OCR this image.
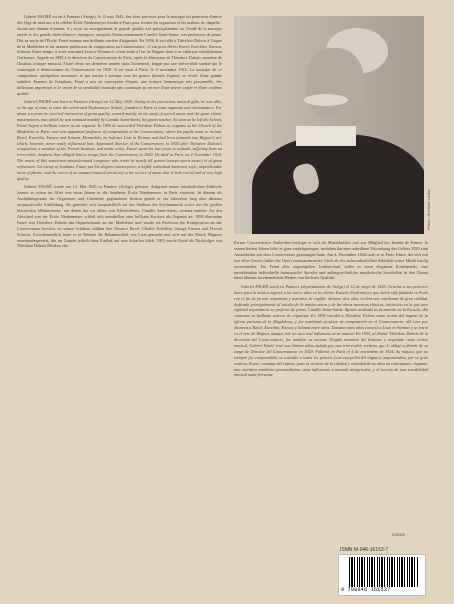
Gabriel FAURÉ est né à Pamiers (Ariège), le 12 mai 1845. Ses dons précoces pour la musique lui permirent d'entrer dès l'âge de neuf ans à la célèbre École Niedermeyer fondée à Paris pour former les organistes et les maîtres de chapelle : durant une dizaine d'années, il y reçut un enseignement de grande qualité, axé principalement sur l'étude de la musique sacrée et des grands chefs-d'œuvre classiques, auxquels l'initia notamment Camille Saint-Saëns, son professeur de piano. Dès sa sortie de l'École, Fauré entama une brillante carrière d'organiste. En 1896, il succéda à Théodore Dubois à l'orgue de la Madeleine et fut nommé professeur de composition au Conservatoire : il eut pour élèves Ravel, Koechlin, Enescu, Schmitt. Entre-temps, il avait rencontré Liszt à Weimar et s'était initié à l'art de Wagner dont il ne subit pas véritablement l'influence. Appelé en 1905 à la direction du Conservatoire de Paris, après la démission de Théodore Dubois, membre de l'Institut, critique musical, Fauré vécut ses dernières années dans l'isolement, frappé par une irréversible surdité qui le contraignit à démissionner du Conservatoire en 1920. Il est mort à Paris, le 4 novembre 1924. La musique de ce compositeur quelquefois incompris et qui toucha à presque tous les genres (hormis l'opéra), se révèle d'une grande subtilité. Ennemi de l'emphase, Fauré a mis au contrepoint élégant, une écriture harmonique très personnelle, des inflexions imprévues et le secret de sa sensibilité musicale peu commune au service d'une œuvre variée et d'une extrême qualité.

Gabriel FAURÉ was born in Pamiers (Ariège) on 12 May 1845. Owing to his precocious musical gifts, he was able, at the age of nine, to enter the celebrated Niedermeyer School, founded in Paris to train organists and choirmasters. For about ten years he received instruction of great quality, centred mainly on the study of sacred music and the great classic masterpieces, into which he was initiated notably by Camille Saint-Saëns, his piano teacher. As soon as he left the School, Fauré began a brilliant career as an organist. In 1896 he succeeded Théodore Dubois as organist at the Church of the Madeleine in Paris, and was appointed professor of composition at the Conservatory, where his pupils came to include Ravel, Koechlin, Enescu and Schmitt. Meanwhile, he had met Liszt in Weimar and had been initiated into Wagner's art, which, however, never really influenced him. Appointed director of the Conservatory in 1905 after Théodore Dubois's resignation, a member of the French Institute, and music critic, Fauré spent his last years in solitude, suffering from an irreversible deafness that obliged him to resign from the Conservatory in 1920. He died in Paris on 4 November 1924. The music of this sometimes misunderstood composer who wrote in nearly all genres (except opera music) is of great refinement. An enemy of bombast, Fauré put his elegant counterpoint, a highly individual harmonic style, unpredictable turns of phrase, and the secret of an unusual musical sensitivity at the service of music that is both varied and of very high quality.

Gabriel FAURÉ wurde am 12. Mai 1845 in Pamiers (Ariège) geboren. Aufgrund seiner musikalischen Frühreife konnte er schon im Alter von neun Jahren in die berühmte École Niedermeyer in Paris eintreten. In diesem als Ausbildungsstätte für Organisten und Chorleiter gegründeten Institut genoß er ein Jahrzehnt lang eine überaus anspruchsvolle Ausbildung. Sie gründete sich hauptsächlich auf das Studium der Kirchenmusik sowie das der großen klassischen Meisterwerke, mit denen ihn vor allem sein Klavierlehrer, Camille Saint-Saëns, vertraut machte. An den Abschied von der École Niedermeyer schloß sich unmittelbar eine brillante Karriere als Organist an. 1896 übernahm Fauré von Théodore Dubois das Organistenamt an der Madeleine und wurde als Professor für Komposition an das Conservatoire berufen: zu seinen Schülern zählten dort Maurice Ravel, Charles Koechlin, George Enescu und Florent Schmitt. Zwischenzeitlich hatte er in Weimar die Bekanntschaft von Liszt gemacht und sich mit der Musik Wagners auseinandergesetzt, die im Grunde jedoch ohne Einfluß auf sein Schaffen blieb. 1905 wurde Fauré als Nachfolger von Théodore Dubois Direktor des

Photo : Archives Leduc

Pariser Conservatoire. Außerdem betätigte er sich als Musikkritiker und war Mitglied des Institut de France. In seinen letzten Jahren lebte er ganz zurückgezogen, nachdem ihn eine unheilbare Erkrankung des Gehörs 1920 zum Ausscheiden aus dem Conservatoire gezwungen hatte. Am 4. November 1924 starb er in Paris. Fauré, der sich mit fast allen Genres (außer der Oper) auseinandersetzte, blieb als der außerordentlichen Subtilität seiner Musik häufig unverstanden. Ein Feind aller ungezügelten Leidenschaft, stellte er einen eleganten Kontrapunkt, eine unverkennbar individuelle harmonische Sprache und außergewöhnliche musikalische Sensibilität in den Dienst eines überaus facettenreichen Werkes von höchster Qualität.

Gabriel FAURÉ nació en Pamiers (departamento de Ariège) el 12 de mayo de 1845. Gracias a sus precoces dotes para la música ingresó a los nueve años en la célebre Escuela Niedermeyer, que había sido fundada en París con el fin de formar organistas y maestros de capilla: durante diez años recibió una enseñanza de gran calidad, dedicada principalmente al estudio de la música sacra y de las obras maestras clásicas, iniciación en la que tuvo especial importancia su profesor de piano, Camille Saint-Saëns. Apenas acabada su formación en la Escuela, dio comienzo su brillante carrera de organista. En 1896 sucedió a Théodore Dubois como titular del órgano de la iglesia parisina de la Magdalena, y fue nombrado profesor de composición en el Conservatorio: allí tuvo por alumnos a Ravel, Koechlin, Enescu y Schmitt entre otros. Durante estos años conoció a Liszt en Weimar y se inició en el arte de Wagner, aunque éste no tuvo real influencia en su música. En 1905, al dimitir Théodore Dubois de la dirección del Conservatorio, fue también su sucesor. Elegido miembro del Instituto y respetado como crítico musical, Gabriel Fauré vivió sus últimos años aislado por una irreversible sordera, que le obligó a dimitir de su cargo de Director del Conservatorio en 1920. Falleció en París el 4 de noviembre de 1924. Su música, que no siempre fue comprendida, se extendió a todos los géneros (con excepción del órgano), imponiéndose por su gran sutileza. Fauré, enemigo del énfasis, puso al servicio de la calidad y variedad de su obra un contrapunto elegante, una escritura armónica personalísima, unas inflexiones a menudo inesperadas, y el secreto de una sensibilidad musical nada frecuente.

D/2002
ISMN M-046-16153-7
9 790046 161537
